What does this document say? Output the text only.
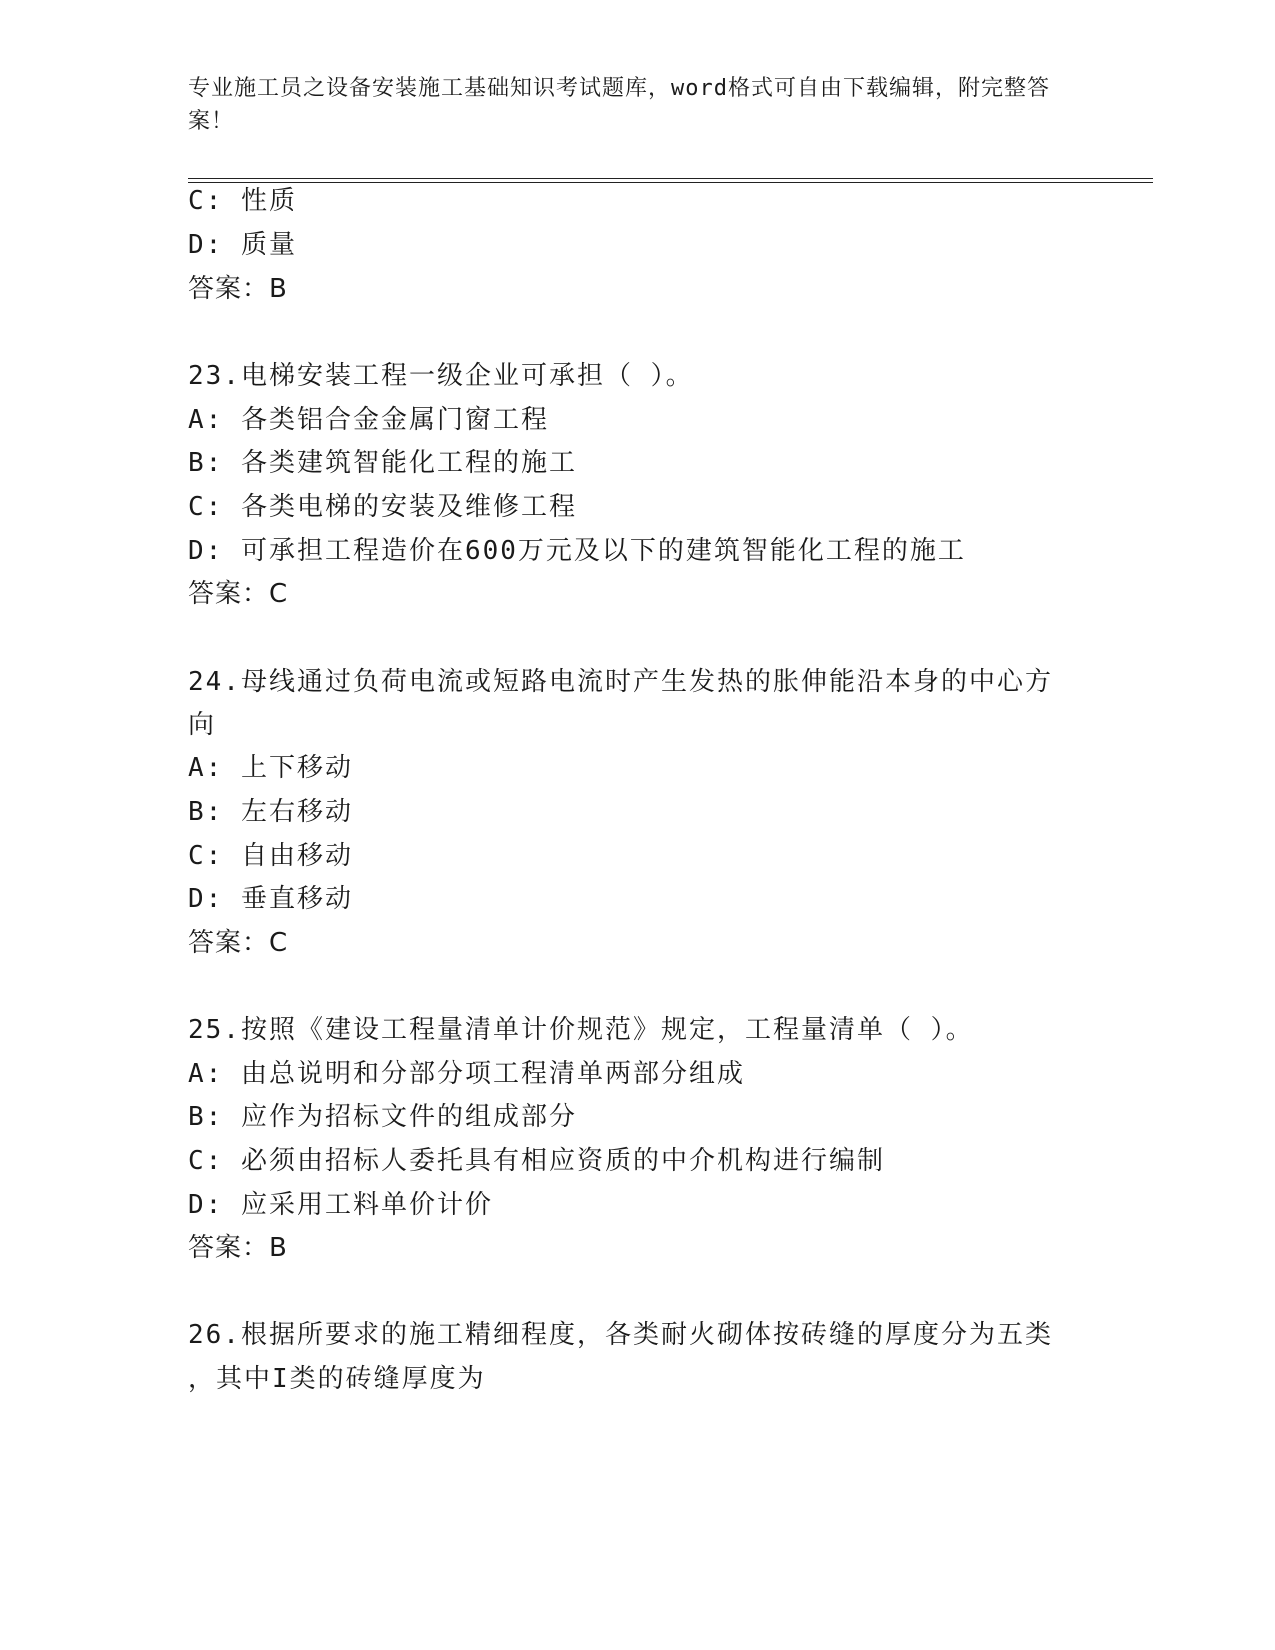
专业施工员之设备安装施工基础知识考试题库，word格式可自由下载编辑，附完整答案！
C: 性质
D: 质量
答案：B
23.电梯安装工程一级企业可承担（ ）。
A: 各类铝合金金属门窗工程
B: 各类建筑智能化工程的施工
C: 各类电梯的安装及维修工程
D: 可承担工程造价在600万元及以下的建筑智能化工程的施工
答案：C
24.母线通过负荷电流或短路电流时产生发热的胀伸能沿本身的中心方
向
A: 上下移动
B: 左右移动
C: 自由移动
D: 垂直移动
答案：C
25.按照《建设工程量清单计价规范》规定，工程量清单（ ）。
A: 由总说明和分部分项工程清单两部分组成
B: 应作为招标文件的组成部分
C: 必须由招标人委托具有相应资质的中介机构进行编制
D: 应采用工料单价计价
答案：B
26.根据所要求的施工精细程度，各类耐火砌体按砖缝的厚度分为五类
，其中I类的砖缝厚度为
